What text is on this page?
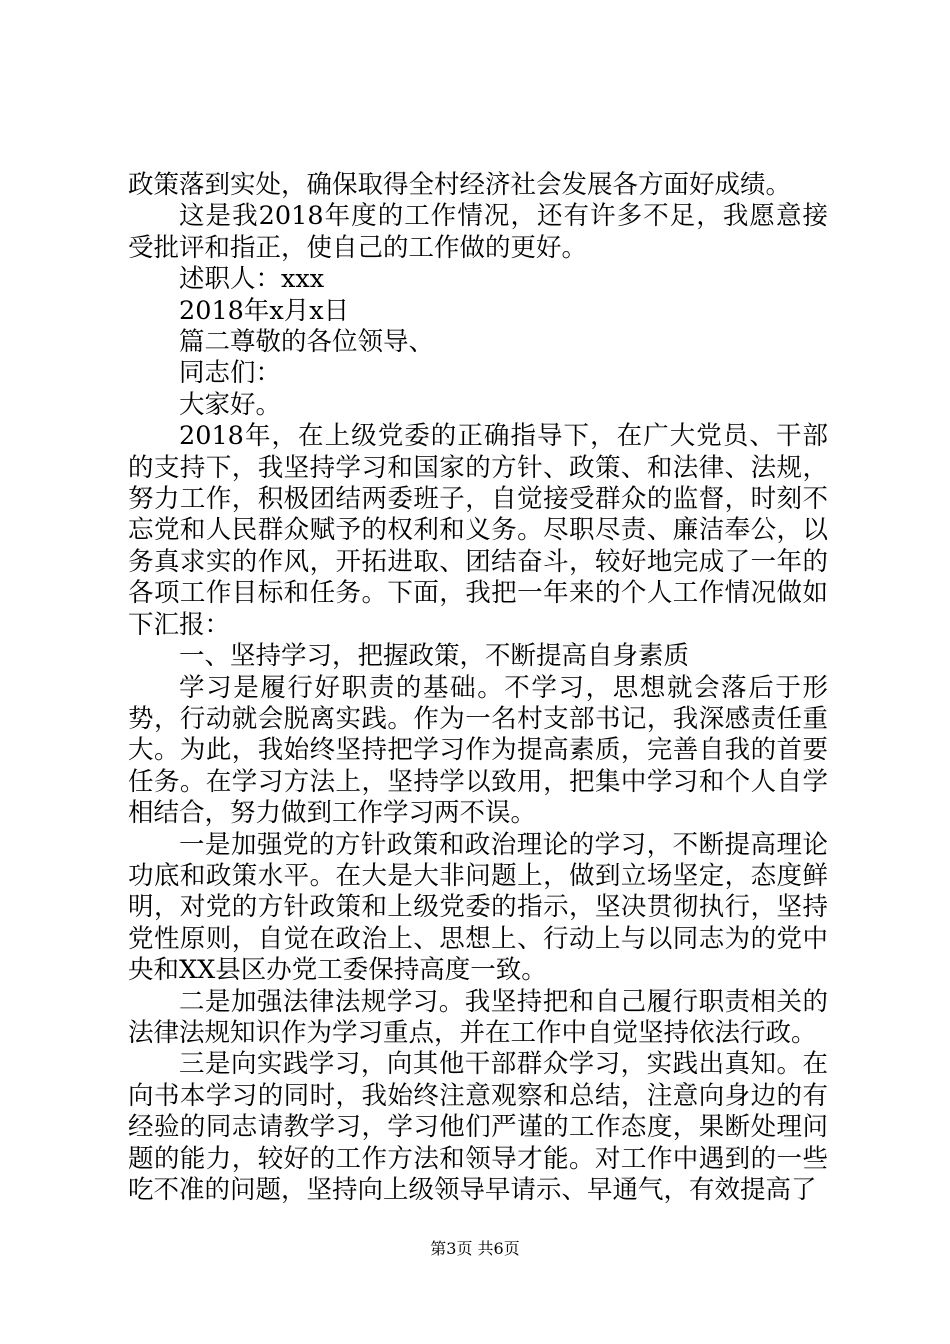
政策落到实处，确保取得全村经济社会发展各方面好成绩。

这是我2018年度的工作情况，还有许多不足，我愿意接受批评和指正，使自己的工作做的更好。

述职人：xxx

2018年x月x日

篇二尊敬的各位领导、

同志们：

大家好。

2018年，在上级党委的正确指导下，在广大党员、干部的支持下，我坚持学习和国家的方针、政策、和法律、法规，努力工作，积极团结两委班子，自觉接受群众的监督，时刻不忘党和人民群众赋予的权利和义务。尽职尽责、廉洁奉公，以务真求实的作风，开拓进取、团结奋斗，较好地完成了一年的各项工作目标和任务。下面，我把一年来的个人工作情况做如下汇报：

一、坚持学习，把握政策，不断提高自身素质

学习是履行好职责的基础。不学习，思想就会落后于形势，行动就会脱离实践。作为一名村支部书记，我深感责任重大。为此，我始终坚持把学习作为提高素质，完善自我的首要任务。在学习方法上，坚持学以致用，把集中学习和个人自学相结合，努力做到工作学习两不误。

一是加强党的方针政策和政治理论的学习，不断提高理论功底和政策水平。在大是大非问题上，做到立场坚定，态度鲜明，对党的方针政策和上级党委的指示，坚决贯彻执行，坚持党性原则，自觉在政治上、思想上、行动上与以同志为的党中央和XX县区办党工委保持高度一致。

二是加强法律法规学习。我坚持把和自己履行职责相关的法律法规知识作为学习重点，并在工作中自觉坚持依法行政。

三是向实践学习，向其他干部群众学习，实践出真知。在向书本学习的同时，我始终注意观察和总结，注意向身边的有经验的同志请教学习，学习他们严谨的工作态度，果断处理问题的能力，较好的工作方法和领导才能。对工作中遇到的一些吃不准的问题，坚持向上级领导早请示、早通气，有效提高了

第3页 共6页
